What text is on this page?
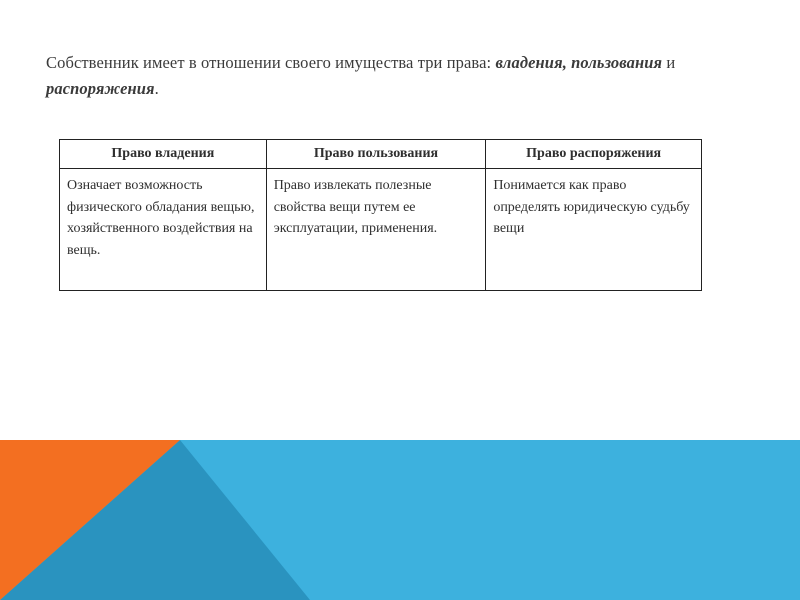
Собственник имеет в отношении своего имущества три права: владения, пользования и распоряжения.
Право владения	Право пользования	Право распоряжения
Означает возможность физического обладания вещью, хозяйственного воздействия на вещь.	Право извлекать полезные свойства вещи путем ее эксплуатации, применения.	Понимается как право определять юридическую судьбу вещи
